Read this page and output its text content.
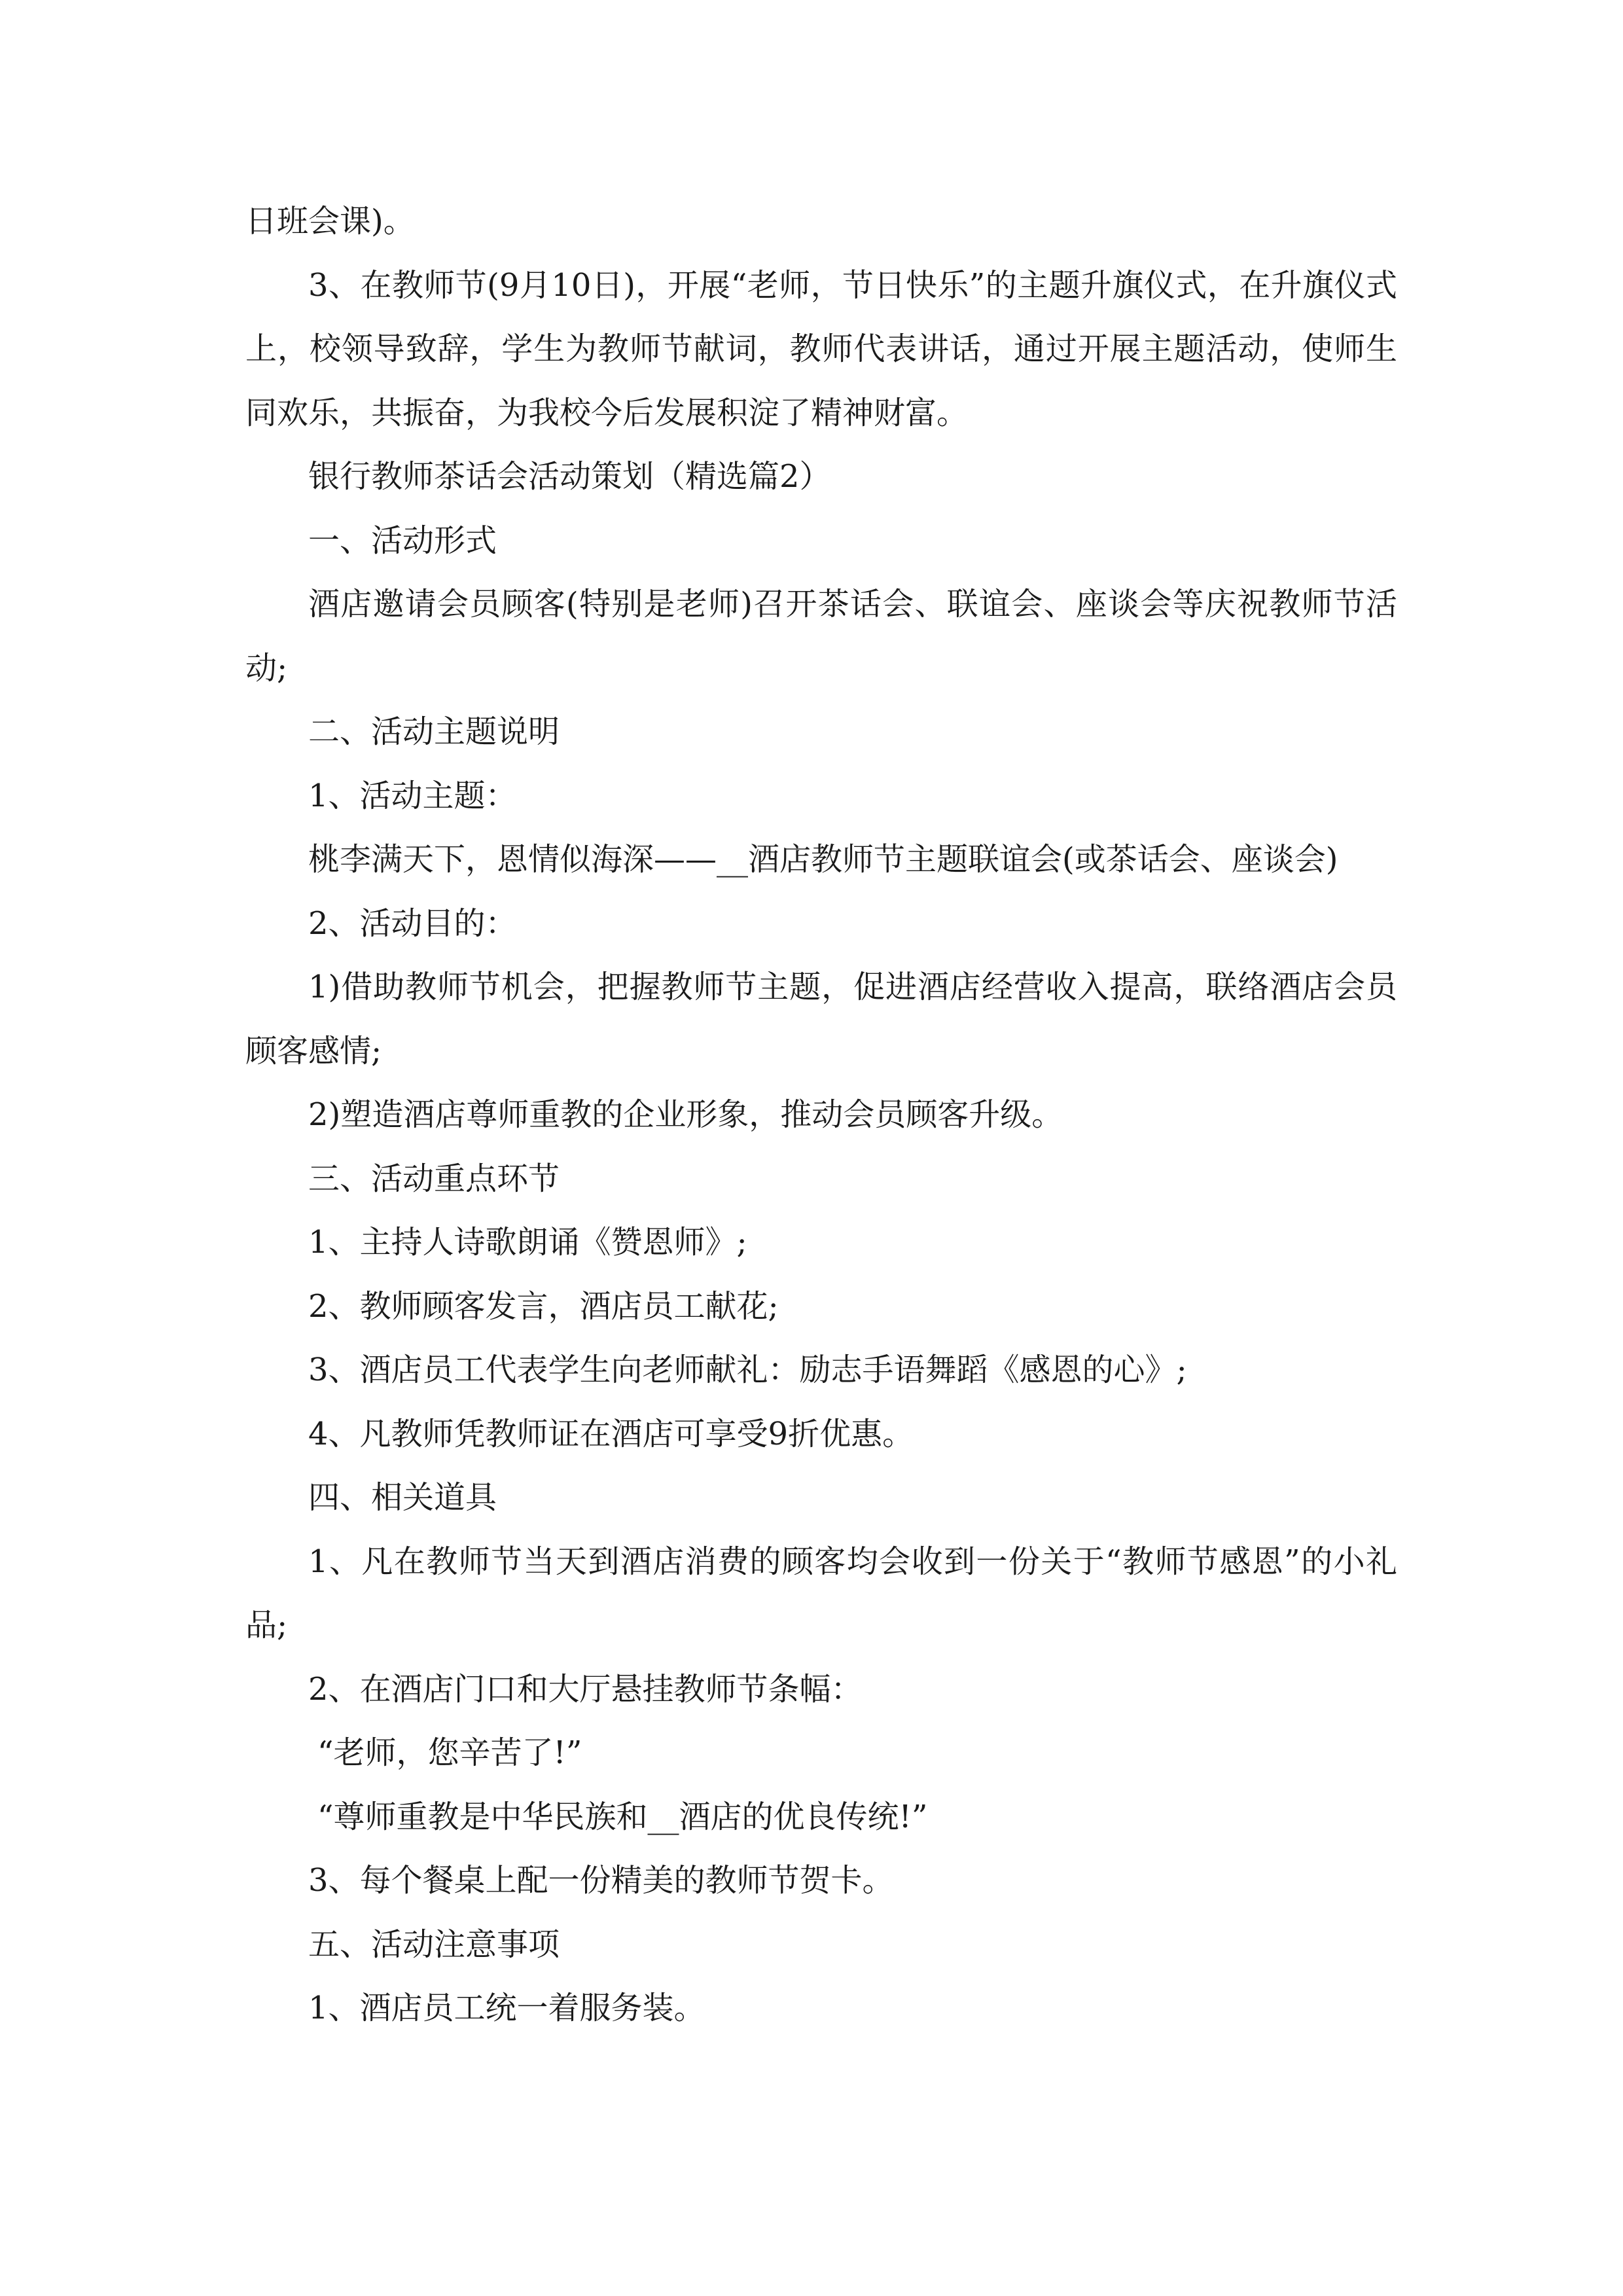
日班会课)。

3、在教师节(9月10日)，开展“老师，节日快乐”的主题升旗仪式，在升旗仪式上，校领导致辞，学生为教师节献词，教师代表讲话，通过开展主题活动，使师生同欢乐，共振奋，为我校今后发展积淀了精神财富。

银行教师茶话会活动策划（精选篇2）

一、活动形式

酒店邀请会员顾客(特别是老师)召开茶话会、联谊会、座谈会等庆祝教师节活动;

二、活动主题说明

1、活动主题：

桃李满天下，恩情似海深——__酒店教师节主题联谊会(或茶话会、座谈会)

2、活动目的：

1)借助教师节机会，把握教师节主题，促进酒店经营收入提高，联络酒店会员顾客感情;

2)塑造酒店尊师重教的企业形象，推动会员顾客升级。

三、活动重点环节

1、主持人诗歌朗诵《赞恩师》;

2、教师顾客发言，酒店员工献花;

3、酒店员工代表学生向老师献礼：励志手语舞蹈《感恩的心》;

4、凡教师凭教师证在酒店可享受9折优惠。

四、相关道具

1、凡在教师节当天到酒店消费的顾客均会收到一份关于“教师节感恩”的小礼品;

2、在酒店门口和大厅悬挂教师节条幅：

“老师，您辛苦了!”

“尊师重教是中华民族和__酒店的优良传统!”

3、每个餐桌上配一份精美的教师节贺卡。

五、活动注意事项

1、酒店员工统一着服务装。
